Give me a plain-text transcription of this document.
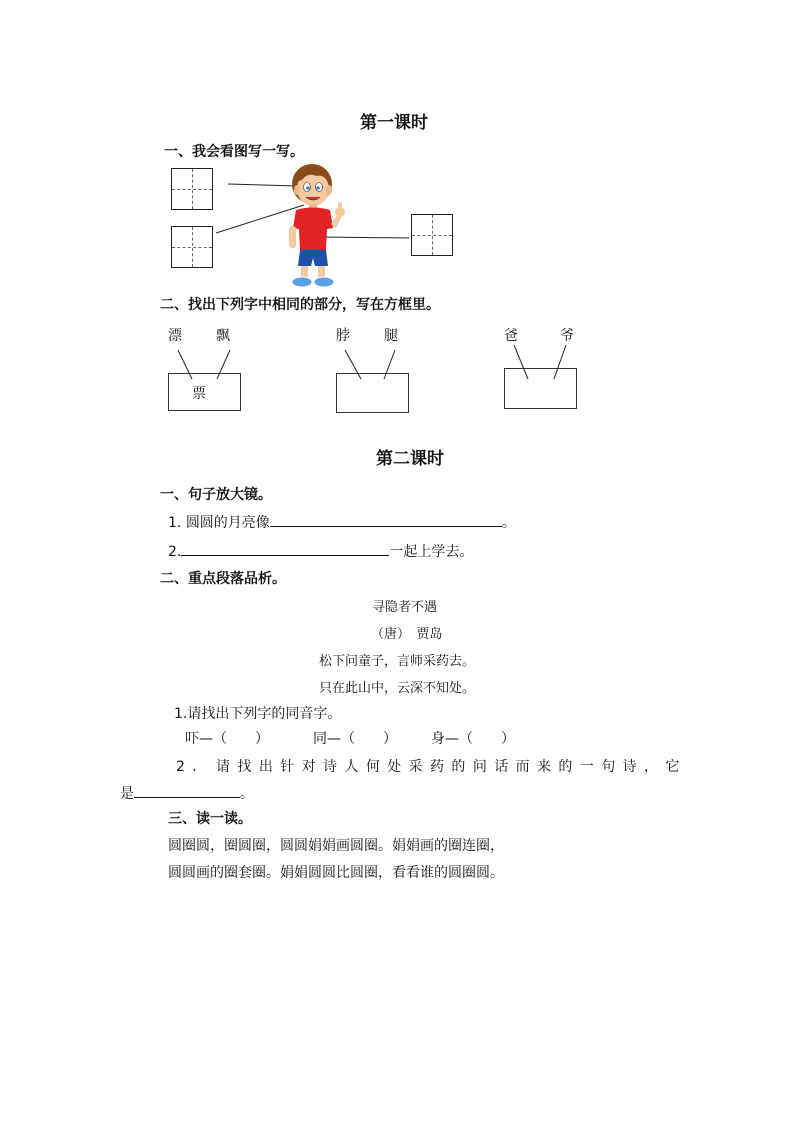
第一课时
一、我会看图写一写。
二、找出下列字中相同的部分，写在方框里。
漂 飘
票
脖 腿	爸	爷
第二课时
一、句子放大镜。
1. 圆圆的月亮像	。
2.	一起上学去。
二、重点段落品析。
寻隐者不遇
（唐）　贾岛
松下问童子，言师采药去。
只在此山中，云深不知处。
1.请找出下列字的同音字。
吓—（　　）	同—（　　） 身—（　　）
2. 请找出针对诗人何处采药的问话而来的一句诗，它
是	。
三、读一读。
圆圈圆，圈圆圈，圆圆娟娟画圆圈。娟娟画的圈连圈，
圆圆画的圈套圈。娟娟圆圆比圆圈，看看谁的圆圈圆。
